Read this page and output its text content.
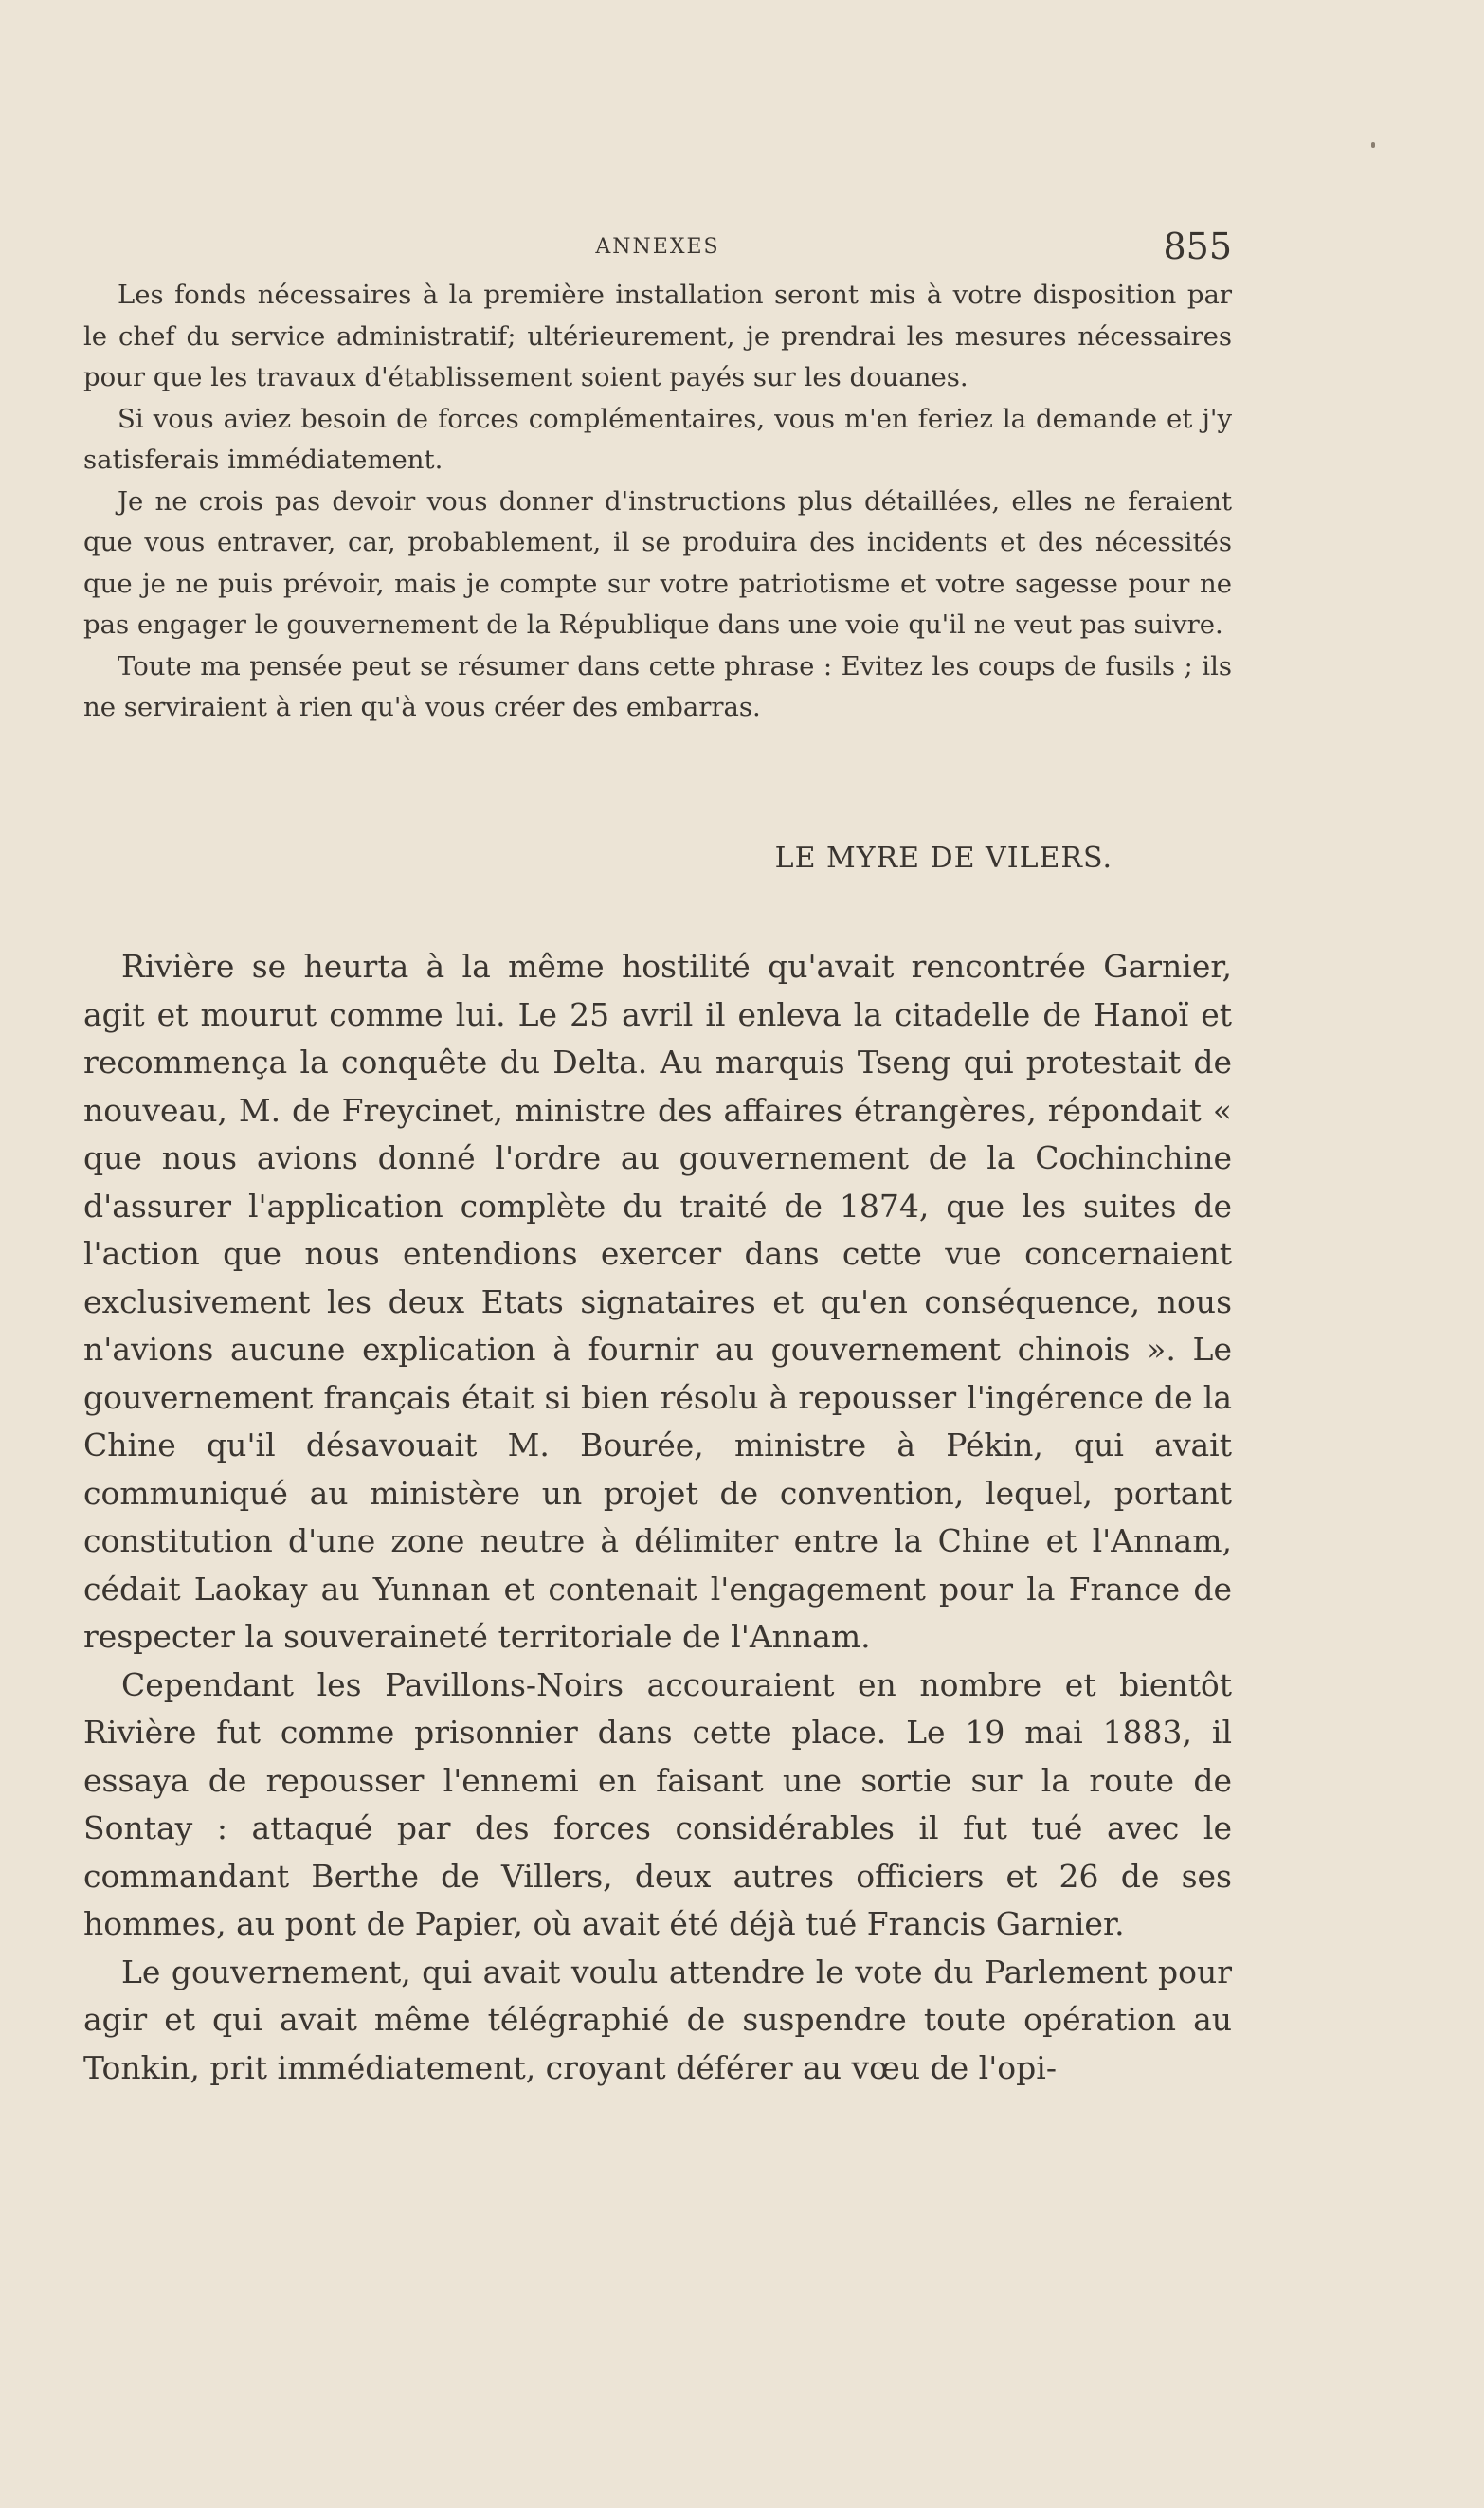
ANNEXES	855

Les fonds nécessaires à la première installation seront mis à votre disposition par le chef du service administratif; ultérieurement, je prendrai les mesures nécessaires pour que les travaux d'établissement soient payés sur les douanes.

Si vous aviez besoin de forces complémentaires, vous m'en feriez la demande et j'y satisferais immédiatement.

Je ne crois pas devoir vous donner d'instructions plus détaillées, elles ne feraient que vous entraver, car, probablement, il se produira des incidents et des nécessités que je ne puis prévoir, mais je compte sur votre patriotisme et votre sagesse pour ne pas engager le gouvernement de la République dans une voie qu'il ne veut pas suivre.

Toute ma pensée peut se résumer dans cette phrase : Evitez les coups de fusils ; ils ne serviraient à rien qu'à vous créer des embarras.

LE MYRE DE VILERS.

Rivière se heurta à la même hostilité qu'avait rencontrée Garnier, agit et mourut comme lui. Le 25 avril il enleva la citadelle de Hanoï et recommença la conquête du Delta. Au marquis Tseng qui protestait de nouveau, M. de Freycinet, ministre des affaires étrangères, répondait « que nous avions donné l'ordre au gouvernement de la Cochinchine d'assurer l'application complète du traité de 1874, que les suites de l'action que nous entendions exercer dans cette vue concernaient exclusivement les deux Etats signataires et qu'en conséquence, nous n'avions aucune explication à fournir au gouvernement chinois ». Le gouvernement français était si bien résolu à repousser l'ingérence de la Chine qu'il désavouait M. Bourée, ministre à Pékin, qui avait communiqué au ministère un projet de convention, lequel, portant constitution d'une zone neutre à délimiter entre la Chine et l'Annam, cédait Laokay au Yunnan et contenait l'engagement pour la France de respecter la souveraineté territoriale de l'Annam.

Cependant les Pavillons-Noirs accouraient en nombre et bientôt Rivière fut comme prisonnier dans cette place. Le 19 mai 1883, il essaya de repousser l'ennemi en faisant une sortie sur la route de Sontay : attaqué par des forces considérables il fut tué avec le commandant Berthe de Villers, deux autres officiers et 26 de ses hommes, au pont de Papier, où avait été déjà tué Francis Garnier.

Le gouvernement, qui avait voulu attendre le vote du Parlement pour agir et qui avait même télégraphié de suspendre toute opération au Tonkin, prit immédiatement, croyant déférer au vœu de l'opi-
